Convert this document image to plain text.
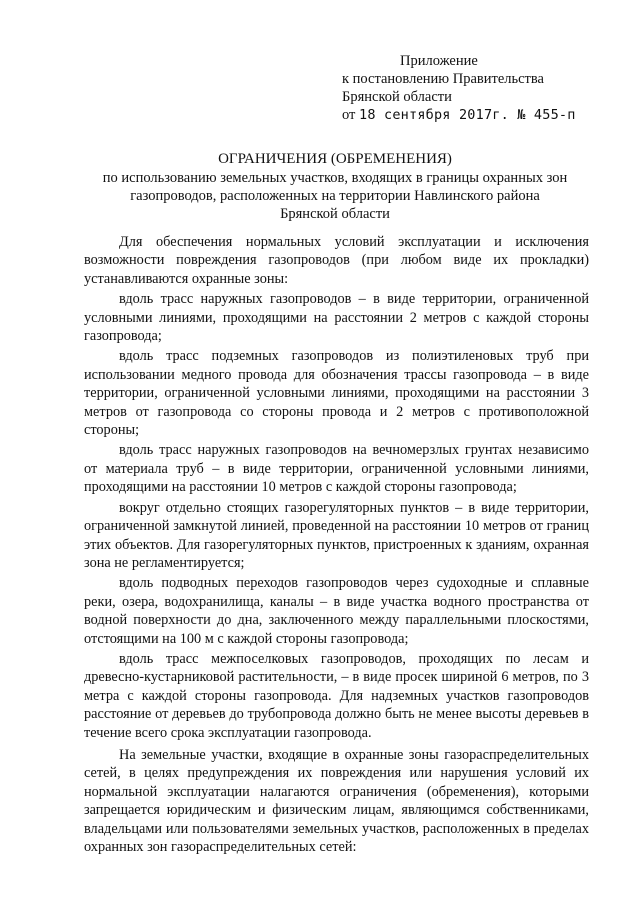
Приложение
к постановлению Правительства
Брянской области
от 18 сентября 2017г. № 455-п
ОГРАНИЧЕНИЯ (ОБРЕМЕНЕНИЯ)
по использованию земельных участков, входящих в границы охранных зон
газопроводов, расположенных на территории Навлинского района
Брянской области

Для обеспечения нормальных условий эксплуатации и исключения возможности повреждения газопроводов (при любом виде их прокладки) устанавливаются охранные зоны:

вдоль трасс наружных газопроводов – в виде территории, ограниченной условными линиями, проходящими на расстоянии 2 метров с каждой стороны газопровода;

вдоль трасс подземных газопроводов из полиэтиленовых труб при использовании медного провода для обозначения трассы газопровода – в виде территории, ограниченной условными линиями, проходящими на расстоянии 3 метров от газопровода со стороны провода и 2 метров с противоположной стороны;

вдоль трасс наружных газопроводов на вечномерзлых грунтах независимо от материала труб – в виде территории, ограниченной условными линиями, проходящими на расстоянии 10 метров с каждой стороны газопровода;

вокруг отдельно стоящих газорегуляторных пунктов – в виде территории, ограниченной замкнутой линией, проведенной на расстоянии 10 метров от границ этих объектов. Для газорегуляторных пунктов, пристроенных к зданиям, охранная зона не регламентируется;

вдоль подводных переходов газопроводов через судоходные и сплавные реки, озера, водохранилища, каналы – в виде участка водного пространства от водной поверхности до дна, заключенного между параллельными плоскостями, отстоящими на 100 м с каждой стороны газопровода;

вдоль трасс межпоселковых газопроводов, проходящих по лесам и древесно-кустарниковой растительности, – в виде просек шириной 6 метров, по 3 метра с каждой стороны газопровода. Для надземных участков газопроводов расстояние от деревьев до трубопровода должно быть не менее высоты деревьев в течение всего срока эксплуатации газопровода.

На земельные участки, входящие в охранные зоны газораспределительных сетей, в целях предупреждения их повреждения или нарушения условий их нормальной эксплуатации налагаются ограничения (обременения), которыми запрещается юридическим и физическим лицам, являющимся собственниками, владельцами или пользователями земельных участков, расположенных в пределах охранных зон газораспределительных сетей:
